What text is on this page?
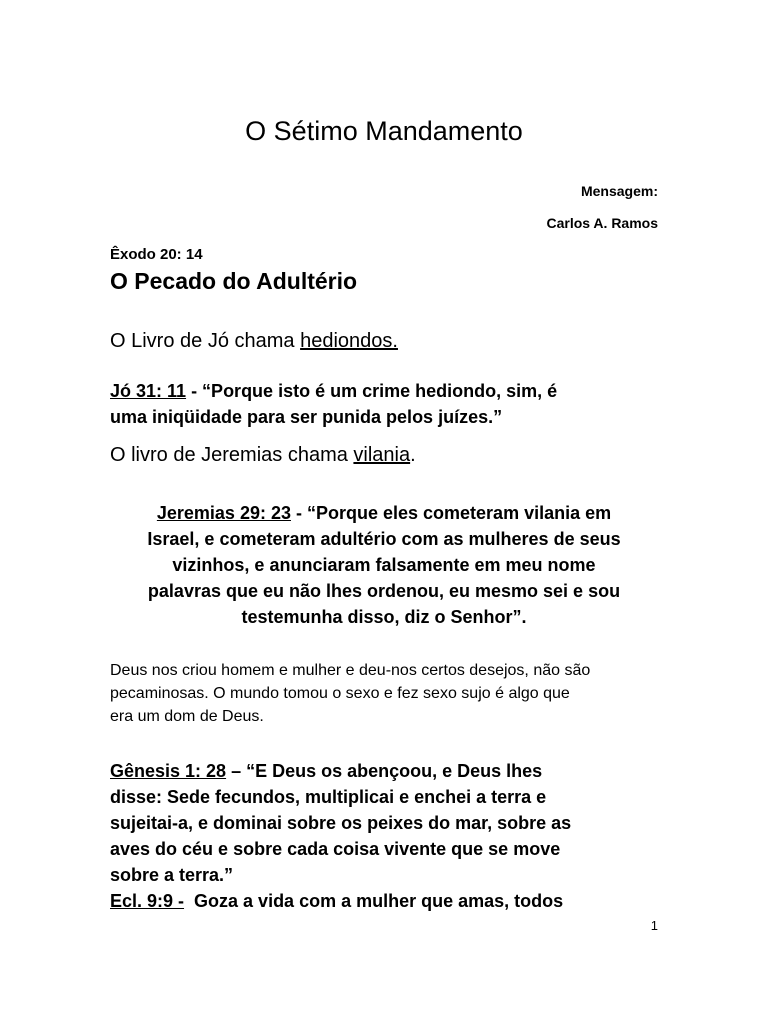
O Sétimo Mandamento
Mensagem:
Carlos A. Ramos
Êxodo 20: 14
O Pecado do Adultério
O Livro de Jó chama hediondos.
Jó 31: 11 - “Porque isto é um crime hediondo, sim, é
uma iniqüidade para ser punida pelos juízes.”
O livro de Jeremias chama vilania.
Jeremias 29: 23 - “Porque eles cometeram vilania em
Israel, e cometeram adultério com as mulheres de seus
vizinhos, e anunciaram falsamente em meu nome
palavras que eu não lhes ordenou, eu mesmo sei e sou
testemunha disso, diz o Senhor”.
Deus nos criou homem e mulher e deu-nos certos desejos, não são
pecaminosas. O mundo tomou o sexo e fez sexo sujo é algo que
era um dom de Deus.
Gênesis 1: 28 – “E Deus os abençoou, e Deus lhes
disse: Sede fecundos, multiplicai e enchei a terra e
sujeitai-a, e dominai sobre os peixes do mar, sobre as
aves do céu e sobre cada coisa vivente que se move
sobre a terra.”
Ecl. 9:9 -  Goza a vida com a mulher que amas, todos
1
